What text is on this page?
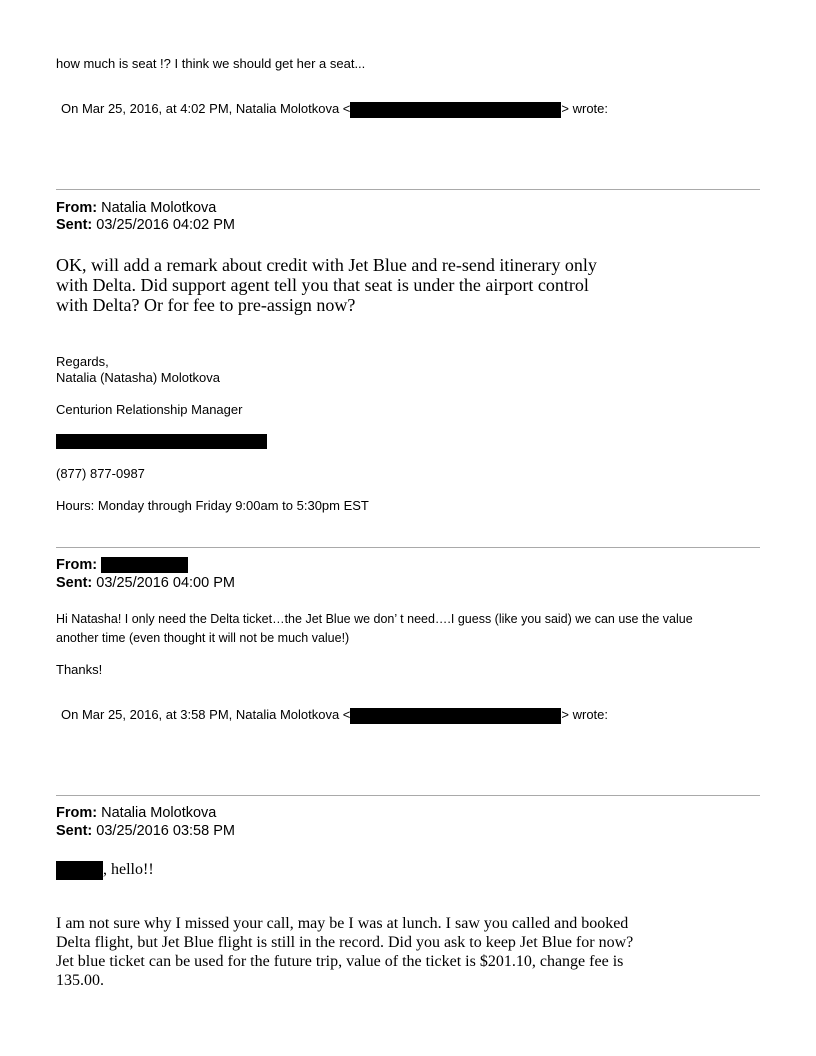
how much is seat !? I think we should get her a seat...
On Mar 25, 2016, at 4:02 PM, Natalia Molotkova <	> wrote:
From: Natalia Molotkova
Sent: 03/25/2016 04:02 PM
OK, will add a remark about credit with Jet Blue and re-send itinerary only
with Delta. Did support agent tell you that seat is under the airport control
with Delta? Or for fee to pre-assign now?
Regards,
Natalia (Natasha) Molotkova
Centurion Relationship Manager
(877) 877-0987
Hours: Monday through Friday 9:00am to 5:30pm EST
From:
Sent: 03/25/2016 04:00 PM
Hi Natasha! I only need the Delta ticket…the Jet Blue we don’ t need….I guess (like you said) we can use the value
another time (even thought it will not be much value!)
Thanks!
On Mar 25, 2016, at 3:58 PM, Natalia Molotkova <	> wrote:
From: Natalia Molotkova
Sent: 03/25/2016 03:58 PM
, hello!!
I am not sure why I missed your call, may be I was at lunch. I saw you called and booked
Delta flight, but Jet Blue flight is still in the record. Did you ask to keep Jet Blue for now?
Jet blue ticket can be used for the future trip, value of the ticket is $201.10, change fee is
135.00.
